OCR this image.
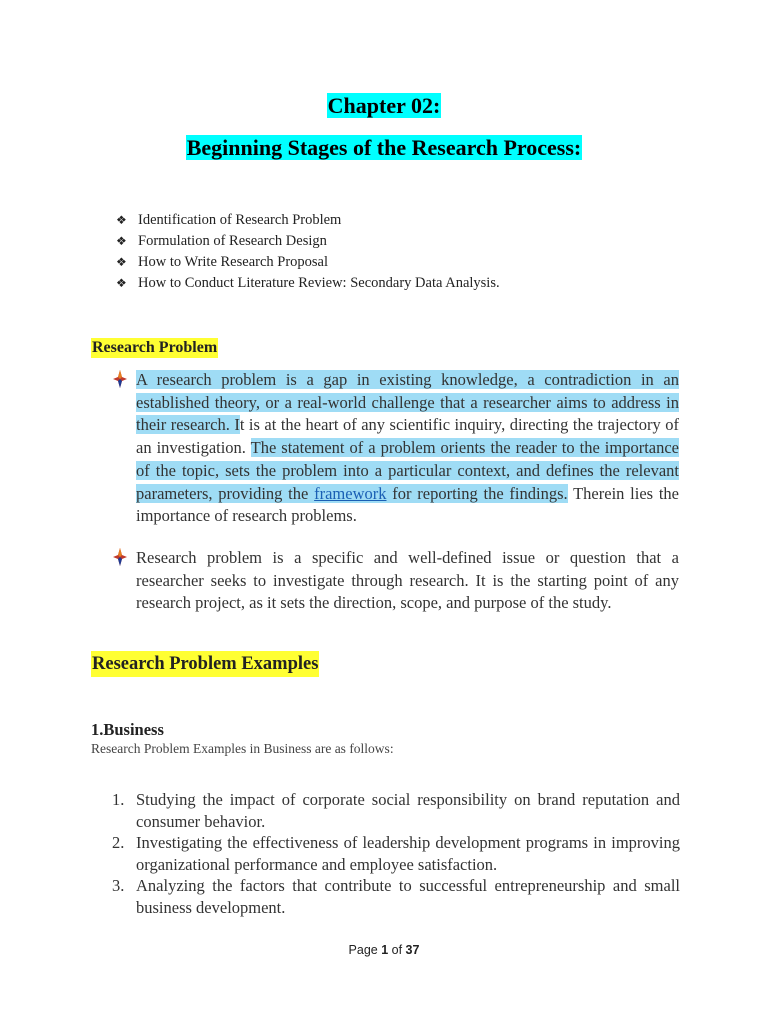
Chapter 02:
Beginning Stages of the Research Process:
❖ Identification of Research Problem
❖ Formulation of Research Design
❖ How to Write Research Proposal
❖ How to Conduct Literature Review: Secondary Data Analysis.
Research Problem
A research problem is a gap in existing knowledge, a contradiction in an established theory, or a real-world challenge that a researcher aims to address in their research. It is at the heart of any scientific inquiry, directing the trajectory of an investigation. The statement of a problem orients the reader to the importance of the topic, sets the problem into a particular context, and defines the relevant parameters, providing the framework for reporting the findings. Therein lies the importance of research problems.
Research problem is a specific and well-defined issue or question that a researcher seeks to investigate through research. It is the starting point of any research project, as it sets the direction, scope, and purpose of the study.
Research Problem Examples
1.Business
Research Problem Examples in Business are as follows:
1. Studying the impact of corporate social responsibility on brand reputation and consumer behavior.
2. Investigating the effectiveness of leadership development programs in improving organizational performance and employee satisfaction.
3. Analyzing the factors that contribute to successful entrepreneurship and small business development.
Page 1 of 37
